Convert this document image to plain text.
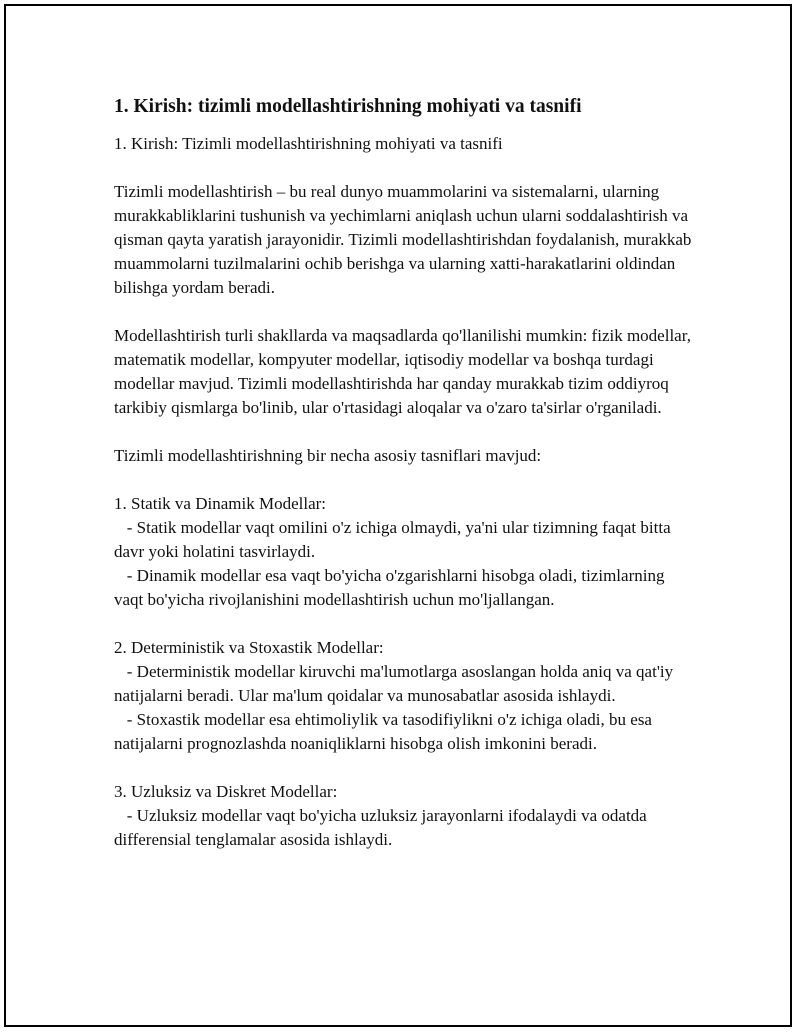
1. Kirish: tizimli modellashtirishning mohiyati va tasnifi

1. Kirish: Tizimli modellashtirishning mohiyati va tasnifi

Tizimli modellashtirish – bu real dunyo muammolarini va sistemalarni, ularning murakkabliklarini tushunish va yechimlarni aniqlash uchun ularni soddalashtirish va qisman qayta yaratish jarayonidir. Tizimli modellashtirishdan foydalanish, murakkab muammolarni tuzilmalarini ochib berishga va ularning xatti-harakatlarini oldindan bilishga yordam beradi.

Modellashtirish turli shakllarda va maqsadlarda qo'llanilishi mumkin: fizik modellar, matematik modellar, kompyuter modellar, iqtisodiy modellar va boshqa turdagi modellar mavjud. Tizimli modellashtirishda har qanday murakkab tizim oddiyroq tarkibiy qismlarga bo'linib, ular o'rtasidagi aloqalar va o'zaro ta'sirlar o'rganiladi.

Tizimli modellashtirishning bir necha asosiy tasniflari mavjud:

1. Statik va Dinamik Modellar:
- Statik modellar vaqt omilini o'z ichiga olmaydi, ya'ni ular tizimning faqat bitta davr yoki holatini tasvirlaydi.
- Dinamik modellar esa vaqt bo'yicha o'zgarishlarni hisobga oladi, tizimlarning vaqt bo'yicha rivojlanishini modellashtirish uchun mo'ljallangan.
2. Deterministik va Stoxastik Modellar:
- Deterministik modellar kiruvchi ma'lumotlarga asoslangan holda aniq va qat'iy natijalarni beradi. Ular ma'lum qoidalar va munosabatlar asosida ishlaydi.
- Stoxastik modellar esa ehtimoliylik va tasodifiylikni o'z ichiga oladi, bu esa natijalarni prognozlashda noaniqliklarni hisobga olish imkonini beradi.
3. Uzluksiz va Diskret Modellar:
- Uzluksiz modellar vaqt bo'yicha uzluksiz jarayonlarni ifodalaydi va odatda differensial tenglamalar asosida ishlaydi.
